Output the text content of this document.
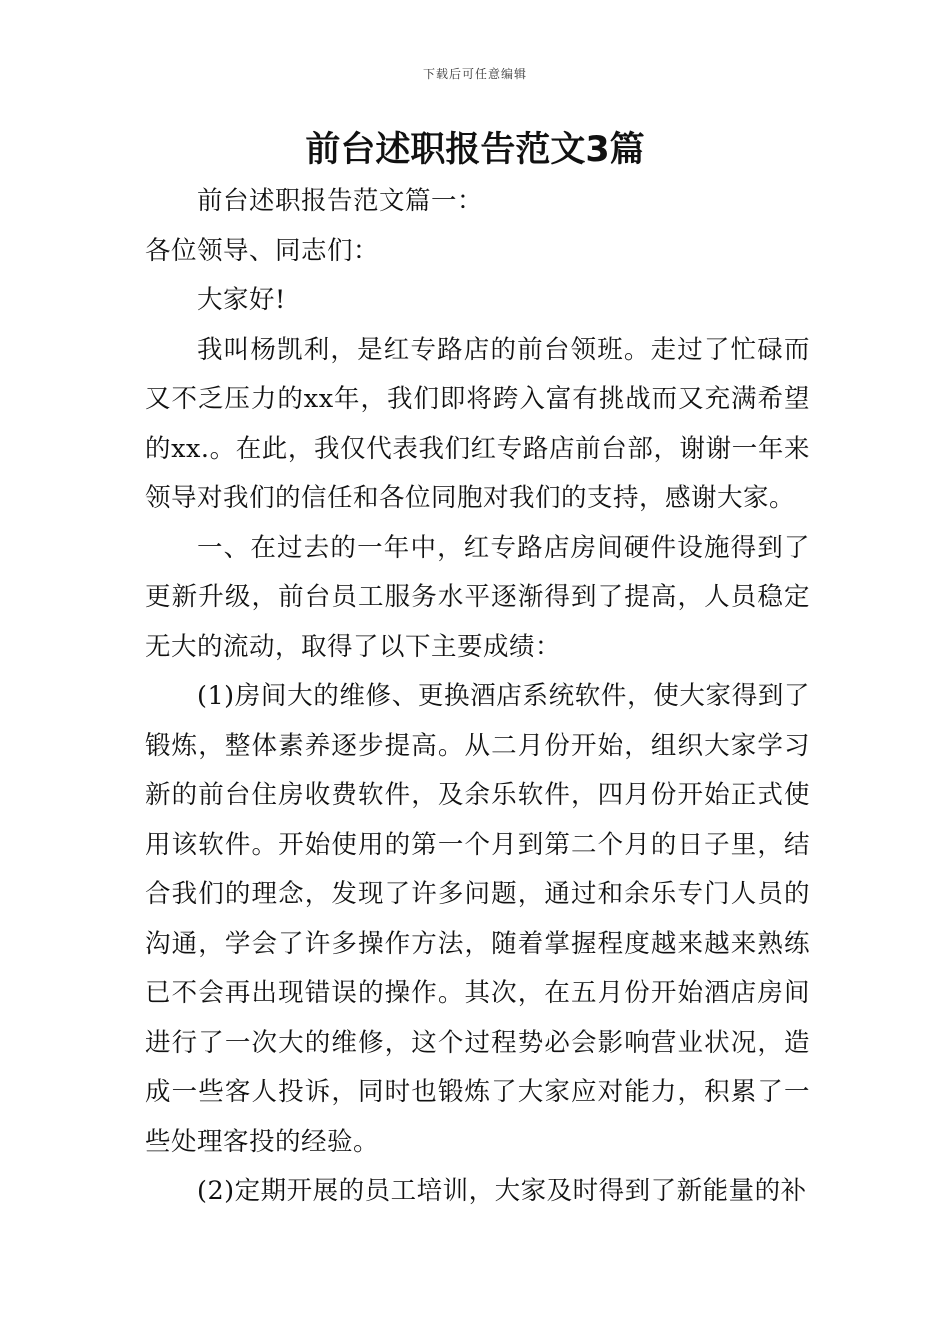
下载后可任意编辑
前台述职报告范文3篇

前台述职报告范文篇一：

各位领导、同志们：

大家好!

我叫杨凯利，是红专路店的前台领班。走过了忙碌而又不乏压力的xx年，我们即将跨入富有挑战而又充满希望的xx.。在此，我仅代表我们红专路店前台部，谢谢一年来领导对我们的信任和各位同胞对我们的支持，感谢大家。

一、在过去的一年中，红专路店房间硬件设施得到了更新升级，前台员工服务水平逐渐得到了提高，人员稳定无大的流动，取得了以下主要成绩：

(1)房间大的维修、更换酒店系统软件，使大家得到了锻炼，整体素养逐步提高。从二月份开始，组织大家学习新的前台住房收费软件，及余乐软件，四月份开始正式使用该软件。开始使用的第一个月到第二个月的日子里，结合我们的理念，发现了许多问题，通过和余乐专门人员的沟通，学会了许多操作方法，随着掌握程度越来越来熟练已不会再出现错误的操作。其次，在五月份开始酒店房间进行了一次大的维修，这个过程势必会影响营业状况，造成一些客人投诉，同时也锻炼了大家应对能力，积累了一些处理客投的经验。

(2)定期开展的员工培训，大家及时得到了新能量的补
